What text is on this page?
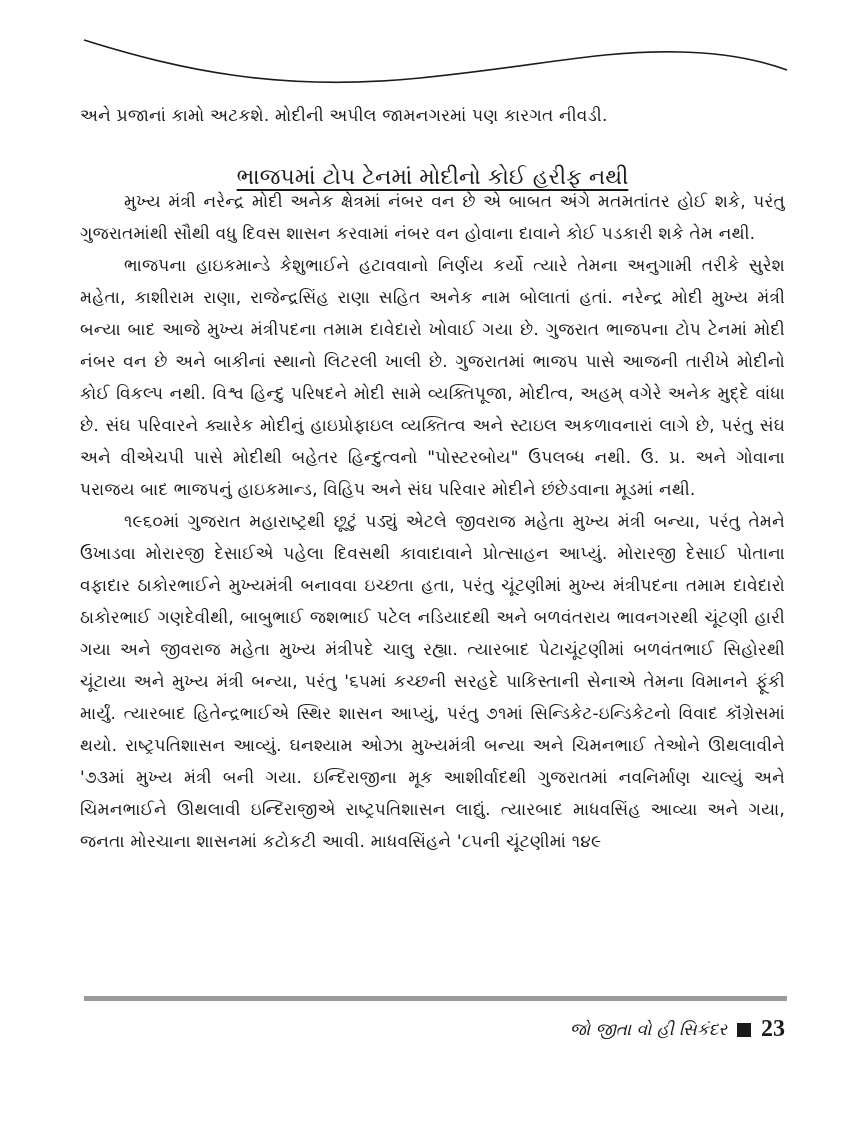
અને પ્રજાનાં કામો અટકશે. મોદીની અપીલ જામનગરમાં પણ કારગત નીવડી.
ભાજપમાં ટોપ ટેનમાં મોદીનો કોઈ હરીફ નથી

મુખ્ય મંત્રી નરેન્દ્ર મોદી અનેક ક્ષેત્રમાં નંબર વન છે એ બાબત અંગે મતમતાંતર હોઈ શકે, પરંતુ ગુજરાતમાંથી સૌથી વધુ દિવસ શાસન કરવામાં નંબર વન હોવાના દાવાને કોઈ પડકારી શકે તેમ નથી.

ભાજપના હાઇકમાન્ડે કેશુભાઈને હટાવવાનો નિર્ણય કર્યો ત્યારે તેમના અનુગામી તરીકે સુરેશ મહેતા, કાશીરામ રાણા, રાજેન્દ્રસિંહ રાણા સહિત અનેક નામ બોલાતાં હતાં. નરેન્દ્ર મોદી મુખ્ય મંત્રી બન્યા બાદ આજે મુખ્ય મંત્રીપદના તમામ દાવેદારો ખોવાઈ ગયા છે. ગુજરાત ભાજપના ટોપ ટેનમાં મોદી નંબર વન છે અને બાકીનાં સ્થાનો લિટરલી ખાલી છે. ગુજરાતમાં ભાજપ પાસે આજની તારીખે મોદીનો કોઈ વિકલ્પ નથી. વિશ્વ હિન્દુ પરિષદને મોદી સામે વ્યક્તિપૂજા, મોદીત્વ, અહમ્ વગેરે અનેક મુદ્દે વાંધા છે. સંઘ પરિવારને ક્યારેક મોદીનું હાઇપ્રોફાઇલ વ્યક્તિત્વ અને સ્ટાઇલ અકળાવનારાં લાગે છે, પરંતુ સંઘ અને વીએચપી પાસે મોદીથી બહેતર હિન્દુત્વનો "પોસ્ટરબોય" ઉપલબ્ધ નથી. ઉ. પ્ર. અને ગોવાના પરાજય બાદ ભાજપનું હાઇકમાન્ડ, વિહિપ અને સંઘ પરિવાર મોદીને છંછેડવાના મૂડમાં નથી.

૧૯૬૦માં ગુજરાત મહારાષ્ટ્રથી છૂટું પડ્યું એટલે જીવરાજ મહેતા મુખ્ય મંત્રી બન્યા, પરંતુ તેમને ઉખાડવા મોરારજી દેસાઈએ પહેલા દિવસથી કાવાદાવાને પ્રોત્સાહન આપ્યું. મોરારજી દેસાઈ પોતાના વફાદાર ઠાકોરભાઈને મુખ્યમંત્રી બનાવવા ઇચ્છતા હતા, પરંતુ ચૂંટણીમાં મુખ્ય મંત્રીપદના તમામ દાવેદારો ઠાકોરભાઈ ગણદેવીથી, બાબુભાઈ જશભાઈ પટેલ નડિયાદથી અને બળવંતરાય ભાવનગરથી ચૂંટણી હારી ગયા અને જીવરાજ મહેતા મુખ્ય મંત્રીપદે ચાલુ રહ્યા. ત્યારબાદ પેટાચૂંટણીમાં બળવંતભાઈ સિહોરથી ચૂંટાયા અને મુખ્ય મંત્રી બન્યા, પરંતુ '૬૫માં કચ્છની સરહદે પાકિસ્તાની સેનાએ તેમના વિમાનને ફૂંકી માર્યું. ત્યારબાદ હિતેન્દ્રભાઈએ સ્થિર શાસન આપ્યું, પરંતુ ૭૧માં સિન્ડિકેટ-ઇન્ડિકેટનો વિવાદ કૉંગ્રેસમાં થયો. રાષ્ટ્રપતિશાસન આવ્યું. ઘનશ્યામ ઓઝા મુખ્યમંત્રી બન્યા અને ચિમનભાઈ તેઓને ઊથલાવીને '૭૩માં મુખ્ય મંત્રી બની ગયા. ઇન્દિરાજીના મૂક આશીર્વાદથી ગુજરાતમાં નવનિર્માણ ચાલ્યું અને ચિમનભાઈને ઊથલાવી ઇન્દિરાજીએ રાષ્ટ્રપતિશાસન લાદ્યું. ત્યારબાદ માધવસિંહ આવ્યા અને ગયા, જનતા મોરચાના શાસનમાં કટોકટી આવી. માધવસિંહને '૮૫ની ચૂંટણીમાં ૧૪૯

જો જીતા વો હી સિકંદર 23
